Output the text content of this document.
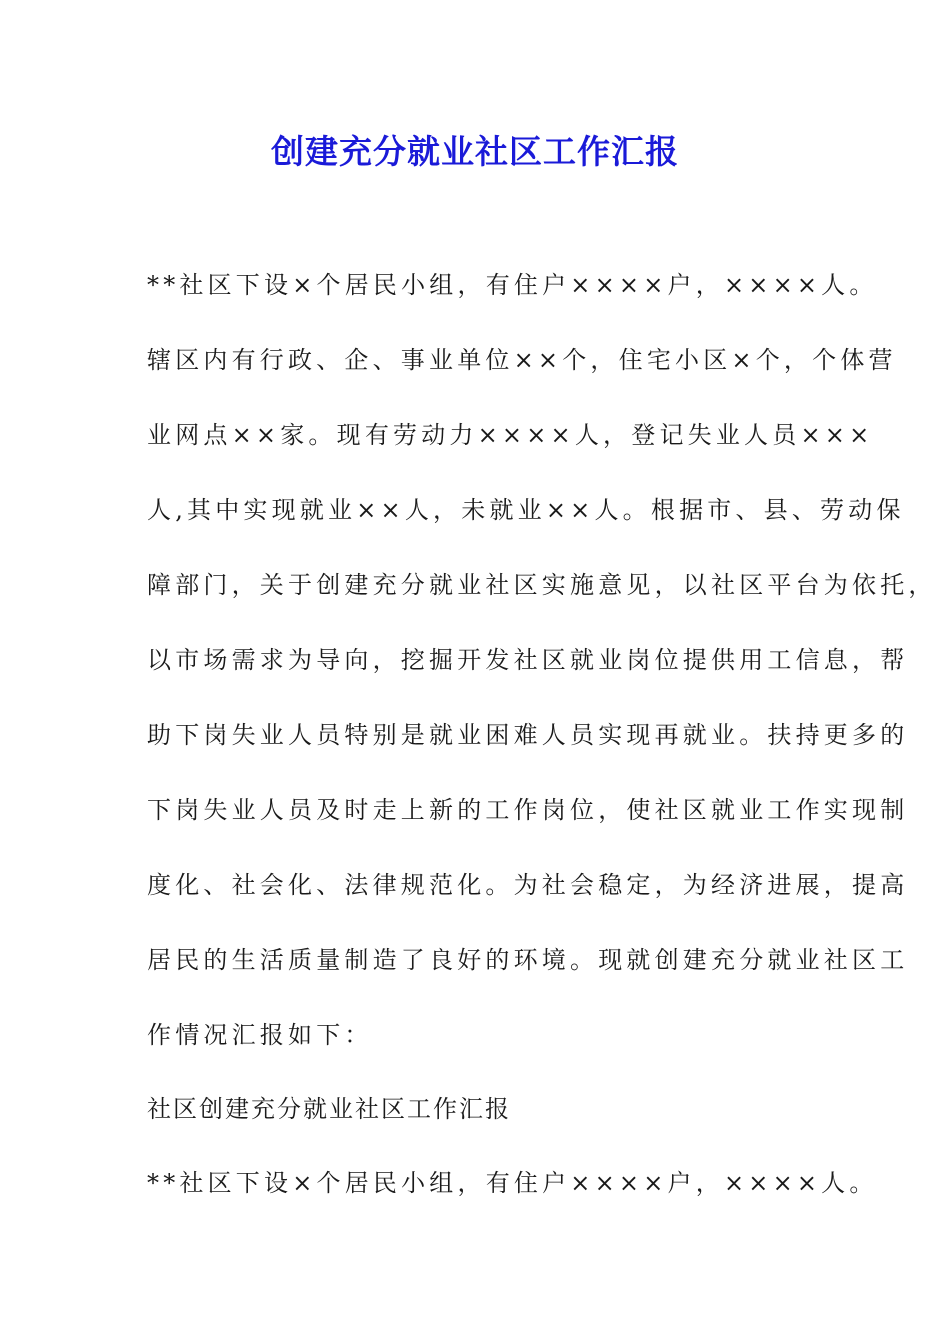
创建充分就业社区工作汇报

**社区下设×个居民小组，有住户××××户，××××人。

辖区内有行政、企、事业单位××个，住宅小区×个，个体营

业网点××家。现有劳动力××××人，登记失业人员×××

人,其中实现就业××人，未就业××人。根据市、县、劳动保

障部门，关于创建充分就业社区实施意见，以社区平台为依托，

以市场需求为导向，挖掘开发社区就业岗位提供用工信息，帮

助下岗失业人员特别是就业困难人员实现再就业。扶持更多的

下岗失业人员及时走上新的工作岗位，使社区就业工作实现制

度化、社会化、法律规范化。为社会稳定，为经济进展，提高

居民的生活质量制造了良好的环境。现就创建充分就业社区工

作情况汇报如下：

社区创建充分就业社区工作汇报

**社区下设×个居民小组，有住户××××户，××××人。
